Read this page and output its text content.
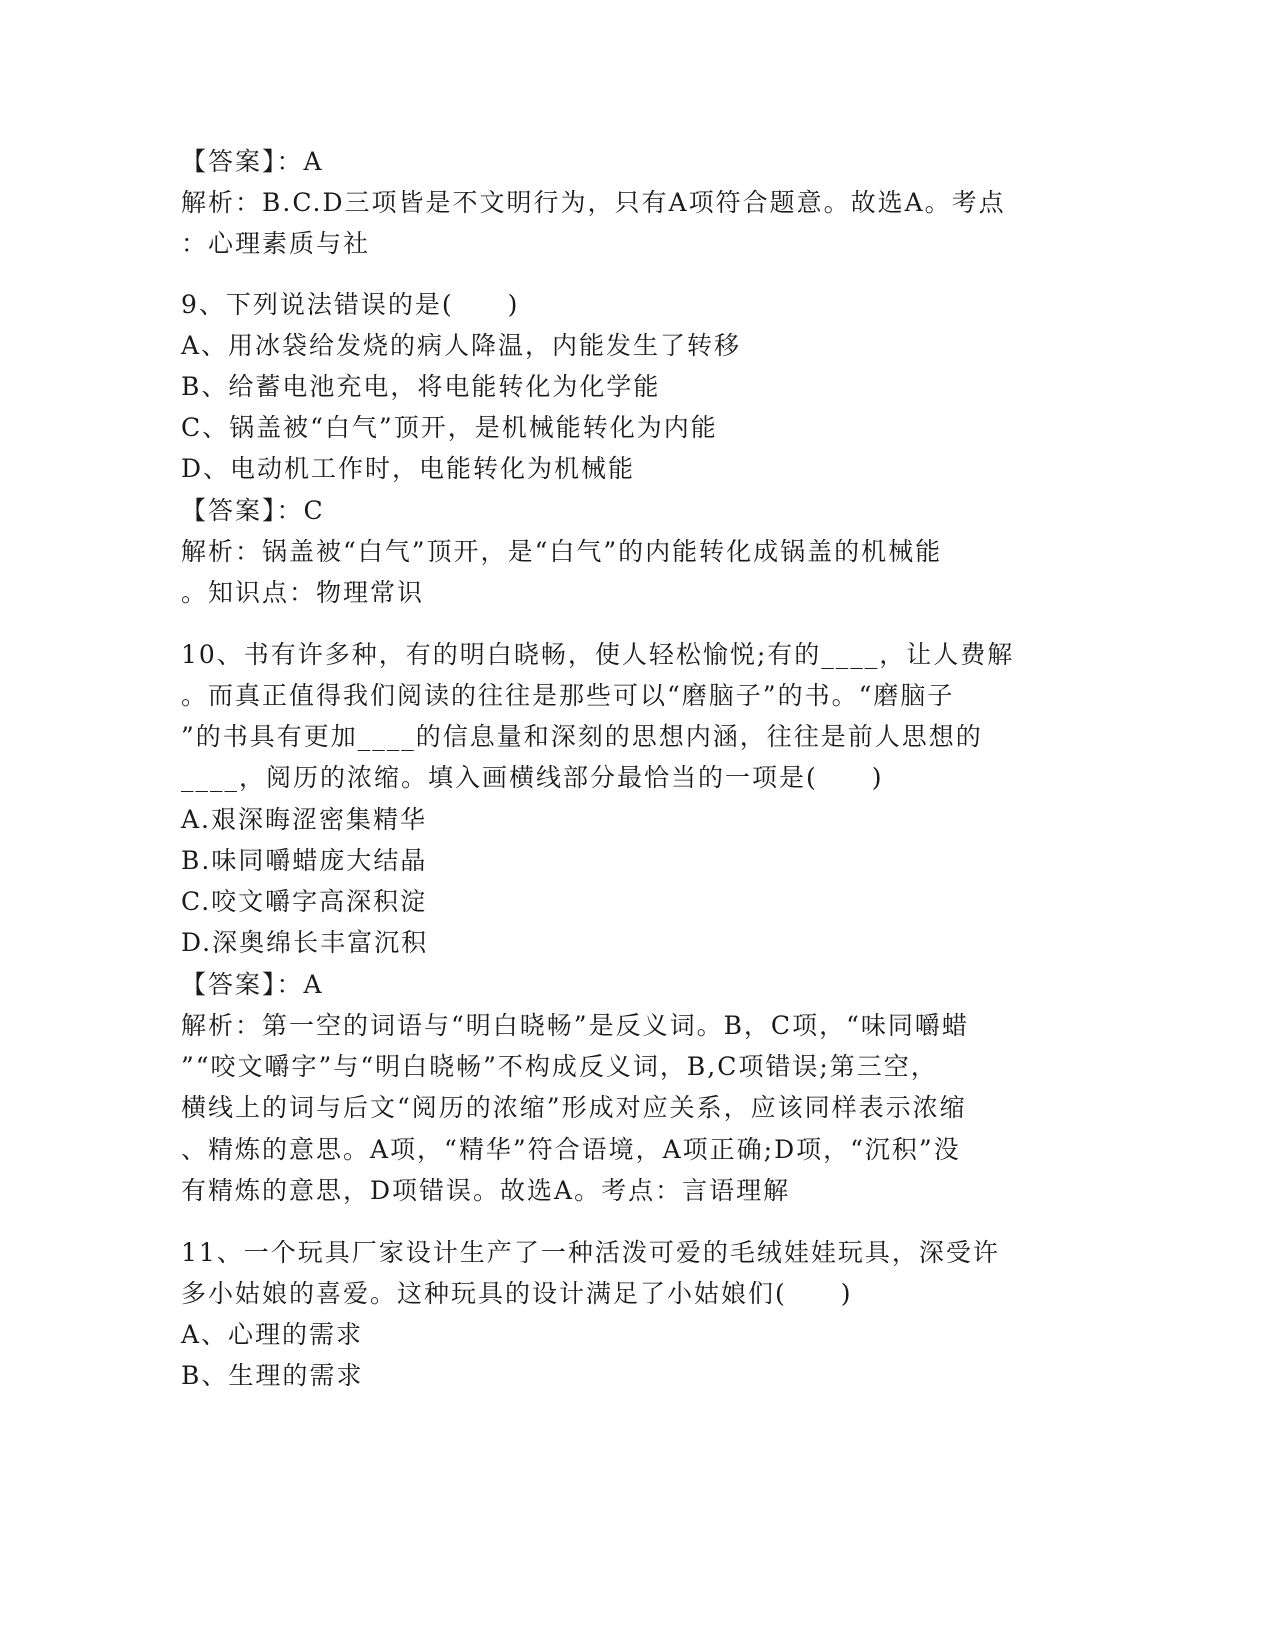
【答案】：A
解析：B.C.D三项皆是不文明行为，只有A项符合题意。故选A。考点
：心理素质与社
9、下列说法错误的是(　　)
A、用冰袋给发烧的病人降温，内能发生了转移
B、给蓄电池充电，将电能转化为化学能
C、锅盖被“白气”顶开，是机械能转化为内能
D、电动机工作时，电能转化为机械能
【答案】：C
解析：锅盖被“白气”顶开，是“白气”的内能转化成锅盖的机械能
。知识点：物理常识
10、书有许多种，有的明白晓畅，使人轻松愉悦;有的____，让人费解
。而真正值得我们阅读的往往是那些可以“磨脑子”的书。“磨脑子
”的书具有更加____的信息量和深刻的思想内涵，往往是前人思想的
____，阅历的浓缩。填入画横线部分最恰当的一项是(　　)
A.艰深晦涩密集精华
B.味同嚼蜡庞大结晶
C.咬文嚼字高深积淀
D.深奥绵长丰富沉积
【答案】：A
解析：第一空的词语与“明白晓畅”是反义词。B，C项，“味同嚼蜡
”“咬文嚼字”与“明白晓畅”不构成反义词，B,C项错误;第三空，
横线上的词与后文“阅历的浓缩”形成对应关系，应该同样表示浓缩
、精炼的意思。A项，“精华”符合语境，A项正确;D项，“沉积”没
有精炼的意思，D项错误。故选A。考点：言语理解
11、一个玩具厂家设计生产了一种活泼可爱的毛绒娃娃玩具，深受许
多小姑娘的喜爱。这种玩具的设计满足了小姑娘们(　　)
A、心理的需求
B、生理的需求
